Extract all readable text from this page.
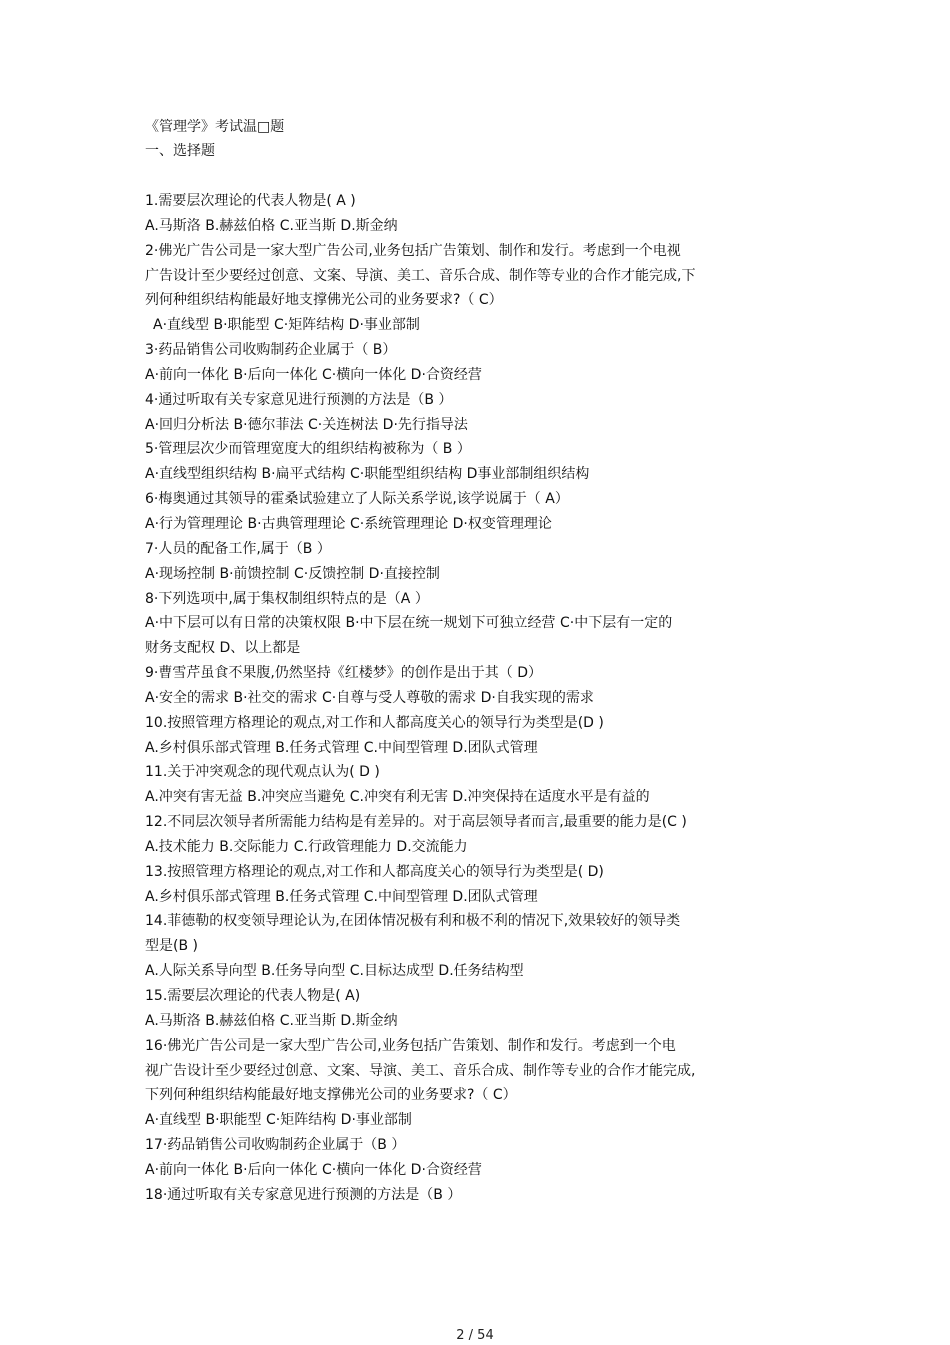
《管理学》考试温□题
一、选择题
1.需要层次理论的代表人物是( A )
A.马斯洛 B.赫兹伯格 C.亚当斯 D.斯金纳
2·佛光广告公司是一家大型广告公司,业务包括广告策划、制作和发行。考虑到一个电视
广告设计至少要经过创意、文案、导演、美工、音乐合成、制作等专业的合作才能完成,下
列何种组织结构能最好地支撑佛光公司的业务要求?（ C）
A·直线型 B·职能型 C·矩阵结构 D·事业部制
3·药品销售公司收购制药企业属于（ B）
A·前向一体化 B·后向一体化 C·横向一体化 D·合资经营
4·通过听取有关专家意见进行预测的方法是（B ）
A·回归分析法 B·德尔菲法 C·关连树法 D·先行指导法
5·管理层次少而管理宽度大的组织结构被称为（ B ）
A·直线型组织结构 B·扁平式结构 C·职能型组织结构 D事业部制组织结构
6·梅奥通过其领导的霍桑试验建立了人际关系学说,该学说属于（ A）
A·行为管理理论 B·古典管理理论 C·系统管理理论 D·权变管理理论
7·人员的配备工作,属于（B ）
A·现场控制 B·前馈控制 C·反馈控制 D·直接控制
8·下列选项中,属于集权制组织特点的是（A ）
A·中下层可以有日常的决策权限 B·中下层在统一规划下可独立经营 C·中下层有一定的
财务支配权 D、以上都是
9·曹雪芹虽食不果腹,仍然坚持《红楼梦》的创作是出于其（ D）
A·安全的需求 B·社交的需求 C·自尊与受人尊敬的需求 D·自我实现的需求
10.按照管理方格理论的观点,对工作和人都高度关心的领导行为类型是(D )
A.乡村俱乐部式管理 B.任务式管理 C.中间型管理 D.团队式管理
11.关于冲突观念的现代观点认为( D )
A.冲突有害无益 B.冲突应当避免 C.冲突有利无害 D.冲突保持在适度水平是有益的
12.不同层次领导者所需能力结构是有差异的。对于高层领导者而言,最重要的能力是(C )
A.技术能力 B.交际能力 C.行政管理能力 D.交流能力
13.按照管理方格理论的观点,对工作和人都高度关心的领导行为类型是( D)
A.乡村俱乐部式管理 B.任务式管理 C.中间型管理 D.团队式管理
14.菲德勒的权变领导理论认为,在团体情况极有利和极不利的情况下,效果较好的领导类
型是(B )
A.人际关系导向型 B.任务导向型 C.目标达成型 D.任务结构型
15.需要层次理论的代表人物是( A)
A.马斯洛 B.赫兹伯格 C.亚当斯 D.斯金纳
16·佛光广告公司是一家大型广告公司,业务包括广告策划、制作和发行。考虑到一个电
视广告设计至少要经过创意、文案、导演、美工、音乐合成、制作等专业的合作才能完成,
下列何种组织结构能最好地支撑佛光公司的业务要求?（ C）
A·直线型 B·职能型 C·矩阵结构 D·事业部制
17·药品销售公司收购制药企业属于（B ）
A·前向一体化 B·后向一体化 C·横向一体化 D·合资经营
18·通过听取有关专家意见进行预测的方法是（B ）
2 / 54
